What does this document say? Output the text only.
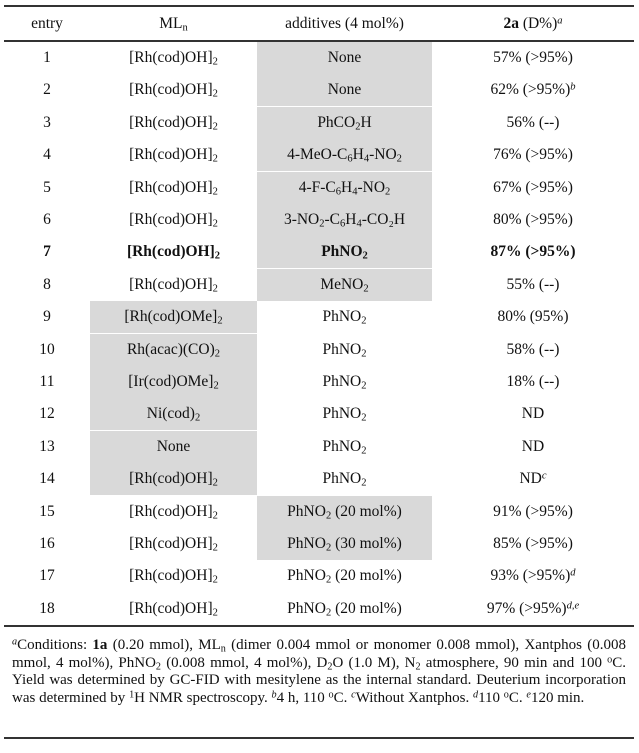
entry	$ML_n$	additives (4 mol%)	2a $(D\%)^a$
1	$[Rh(cod)OH]_2$	None	57% (>95%)
2	$[Rh(cod)OH]_2$	None	62% (>95%)$^b$
3	$[Rh(cod)OH]_2$	PhCO$_2$H	56% (--)
4	$[Rh(cod)OH]_2$	$4-MeO-C_6H_4-NO_2$	76% (>95%)
5	$[Rh(cod)OH]_2$	$4-F-C_6H_4-NO_2$	67% (>95%)
6	$[Rh(cod)OH]_2$	$3-NO_2-C_6H_4$-CO₂H	80% (>95%)
7	$[Rh(cod)OH]_2$	PhNO$_2$	87% (>95%)
8	$[Rh(cod)OH]_2$	MeNO$_2$	55% (--)
9	$[Rh(cod)OMe]_2$	PhNO$_2$	80% (95%)
10	$Rh(acac)(CO)_2$	PhNO$_2$	58% (--)
11	$[Ir(cod)OMe]_2$	PhNO$_2$	18% (--)
12	$Ni(cod)_2$	PhNO$_2$	ND
13	None	PhNO$_2$	ND
14	$[Rh(cod)OH]_2$	PhNO$_2$	$ND^c$
15	$[Rh(cod)OH]_2$	PhNO$_2$ (20 mol%)	91% (>95%)
16	$[Rh(cod)OH]_2$	PhNO$_2$ (30 mol%)	85% (>95%)
17	$[Rh(cod)OH]_2$	PhNO$_2$ (20 mol%)	93% (>95%)$^d$
18	$[Rh(cod)OH]_2$	PhNO$_2$ (20 mol%)	97% (>95%)$^{d,e}$
$^a$Conditions: 1a (0.20 mmol), $ML_n$ (dimer 0.004 mmol or monomer 0.008 mmol), Xantphos (0.008 mmol, 4 mol%), PhNO$_2$ (0.008 mmol, 4 mol%), $D_2O$ (1.0 M), $N_2$ atmosphere, 90 min and 100 $^o$C. Yield was determined by GC-FID with mesitylene as the internal standard. Deuterium incorporation was determined by $^1$H NMR spectroscopy. $^b$4 h, 110 $^o$C. $^c$Without Xantphos. $^d$110 $^o$C. $^e$120 min.
